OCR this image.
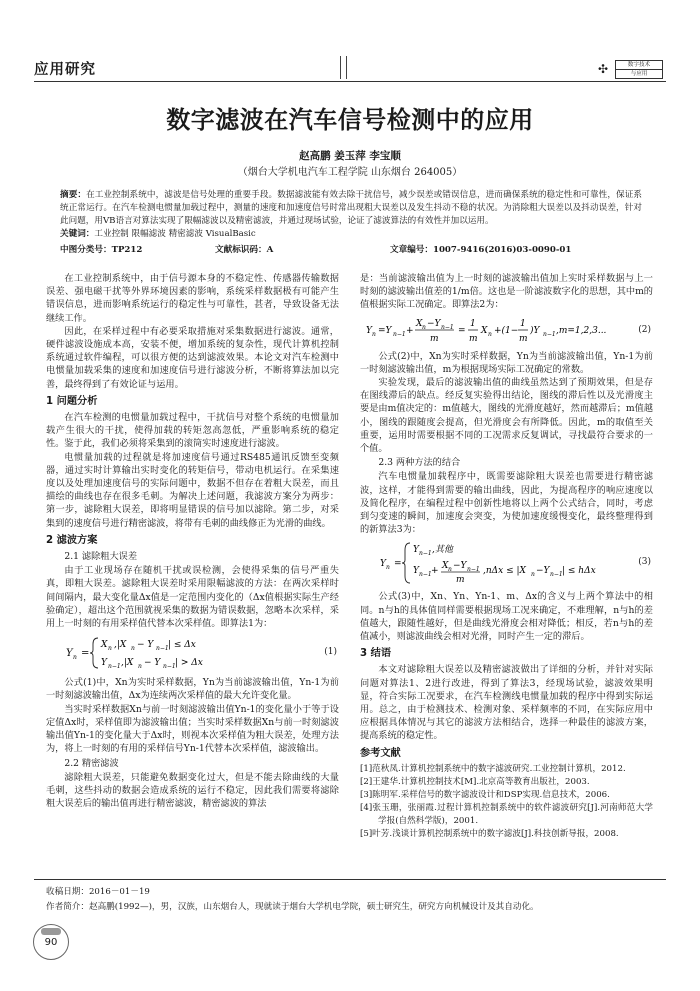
应用研究	✣	数字技术
与应用
数字滤波在汽车信号检测中的应用
赵高鹏 姜玉萍 李宝顺
（烟台大学机电汽车工程学院 山东烟台 264005）
摘要：在工业控制系统中，滤波是信号处理的重要手段。数据滤波能有效去除干扰信号，减少误差或错误信息，进而确保系统的稳定性和可靠性，保证系统正常运行。在汽车检测电惯量加载过程中，测量的速度和加速度信号时常出现粗大误差以及发生抖动不稳的状况。为消除粗大误差以及抖动误差，针对此问题，用VB语言对算法实现了限幅滤波以及精密滤波，并通过现场试验，论证了滤波算法的有效性并加以运用。
关键词：工业控制 限幅滤波 精密滤波 VisualBasic
中图分类号：TP212	文献标识码：A	文章编号：1007-9416(2016)03-0090-01

在工业控制系统中，由于信号源本身的不稳定性、传感器传输数据误差、强电磁干扰等外界环境因素的影响，系统采样数据极有可能产生错误信息，进而影响系统运行的稳定性与可靠性，甚者，导致设备无法继续工作。

因此，在采样过程中有必要采取措施对采集数据进行滤波。通常，硬件滤波设施成本高，安装不便，增加系统的复杂性，现代计算机控制系统通过软件编程，可以很方便的达到滤波效果。本论文对汽车检测中电惯量加载采集的速度和加速度信号进行滤波分析，不断将算法加以完善，最终得到了有效论证与运用。

1 问题分析

在汽车检测的电惯量加载过程中，干扰信号对整个系统的电惯量加载产生很大的干扰，使得加载的转矩忽高忽低，严重影响系统的稳定性。鉴于此，我们必须将采集到的滚筒实时速度进行滤波。

电惯量加载的过程就是将加速度信号通过RS485通讯反馈至变频器，通过实时计算输出实时变化的转矩信号，带动电机运行。在采集速度以及处理加速度信号的实际问题中，数据不但存在着粗大误差，而且描绘的曲线也存在很多毛刺。为解决上述问题，我滤波方案分为两步：第一步，滤除粗大误差，即将明显错误的信号加以滤除。第二步，对采集到的速度信号进行精密滤波，将带有毛刺的曲线修正为光滑的曲线。

2 滤波方案
2.1 滤除粗大误差

由于工业现场存在随机干扰或误检测，会使得采集的信号严重失真，即粗大误差。滤除粗大误差时采用限幅滤波的方法：在两次采样时间间隔内，最大变化量Δx值是一定范围内变化的（Δx值根据实际生产经验确定），超出这个范围就视采集的数据为错误数据，忽略本次采样，采用上一时刻的有用采样值代替本次采样值。即算法1为：

Y n =
X n ,|X n − Y n−1 | ≤ Δx
Y n−1 ,|X n − Y n−1 | > Δx
(1)

公式(1)中，Xn为实时采样数据，Yn为当前滤波输出值，Yn-1为前一时刻滤波输出值，Δx为连续两次采样值的最大允许变化量。

当实时采样数据Xn与前一时刻滤波输出值Yn-1的变化量小于等于设定值Δx时，采样值即为滤波输出值；当实时采样数据Xn与前一时刻滤波输出值Yn-1的变化量大于Δx时，则视本次采样值为粗大误差，处理方法为，将上一时刻的有用的采样信号Yn-1代替本次采样值，滤波输出。

2.2 精密滤波

滤除粗大误差，只能避免数据变化过大，但是不能去除曲线的大量毛刺，这些抖动的数据会造成系统的运行不稳定，因此我们需要将滤除粗大误差后的输出值再进行精密滤波，精密滤波的算法

是：当前滤波输出值为上一时刻的滤波输出值加上实时采样数据与上一时刻的滤波输出值差的1/m倍。这也是一阶滤波数字化的思想，其中m的值根据实际工况确定。即算法2为：

Y n =Y n−1 +
X n −Y n−1
m
=
1
m
X n +(1−
1
m
)Y n−1 ,m=1,2,3...	(2)

公式(2)中，Xn为实时采样数据，Yn为当前滤波输出值，Yn-1为前一时刻滤波输出值，m为根据现场实际工况确定的常数。

实验发现，最后的滤波输出值的曲线虽然达到了预期效果，但是存在图线滞后的缺点。经反复实验得出结论，图线的滞后性以及光滑度主要是由m值决定的：m值越大，图线的光滑度越好，然而越滞后；m值越小，图线的跟随度会提高，但光滑度会有所降低。因此，m的取值至关重要，运用时需要根据不同的工况需求反复调试，寻找最符合要求的一个值。

2.3 两种方法的结合

汽车电惯量加载程序中，既需要滤除粗大误差也需要进行精密滤波，这样，才能得到需要的输出曲线，因此，为提高程序的响应速度以及简化程序，在编程过程中创新性地将以上两个公式结合，同时，考虑到匀变速的瞬间，加速度会突变，为使加速度缓慢变化，最终整理得到的新算法3为：

Y n =
Y n−1 ,其他
Y n−1 + X n −Y n−1
m
,nΔx ≤ |X n −Y n−1 | ≤ hΔx
(3)

公式(3)中，Xn、Yn、Yn-1、m、Δx的含义与上两个算法中的相同。n与h的具体值同样需要根据现场工况来确定，不难理解，n与h的差值越大，跟随性越好，但是曲线光滑度会相对降低；相反，若n与h的差值减小，则滤波曲线会相对光滑，同时产生一定的滞后。

3 结语

本文对滤除粗大误差以及精密滤波做出了详细的分析，并针对实际问题对算法1、2进行改进，得到了算法3，经现场试验，滤波效果明显，符合实际工况要求，在汽车检测线电惯量加载的程序中得到实际运用。总之，由于检测技术、检测对象、采样频率的不同，在实际应用中应根据具体情况与其它的滤波方法相结合，选择一种最佳的滤波方案，提高系统的稳定性。

参考文献

[1]范秋凤.计算机控制系统中的数字滤波研究.工业控制计算机，2012.

[2]王建华.计算机控制技术[M].北京高等教育出版社，2003.

[3]陈明军.采样信号的数字滤波设计和DSP实现.信息技术，2006.

[4]张玉珊，张丽霞.过程计算机控制系统中的软件滤波研究[J].河南师范大学学报(自然科学版)，2001.

[5]叶芳.浅谈计算机控制系统中的数字滤波[J].科技创新导报，2008.

收稿日期：2016－01－19
作者简介：赵高鹏(1992—)，男，汉族，山东烟台人，现就读于烟台大学机电学院，硕士研究生，研究方向机械设计及其自动化。
90
